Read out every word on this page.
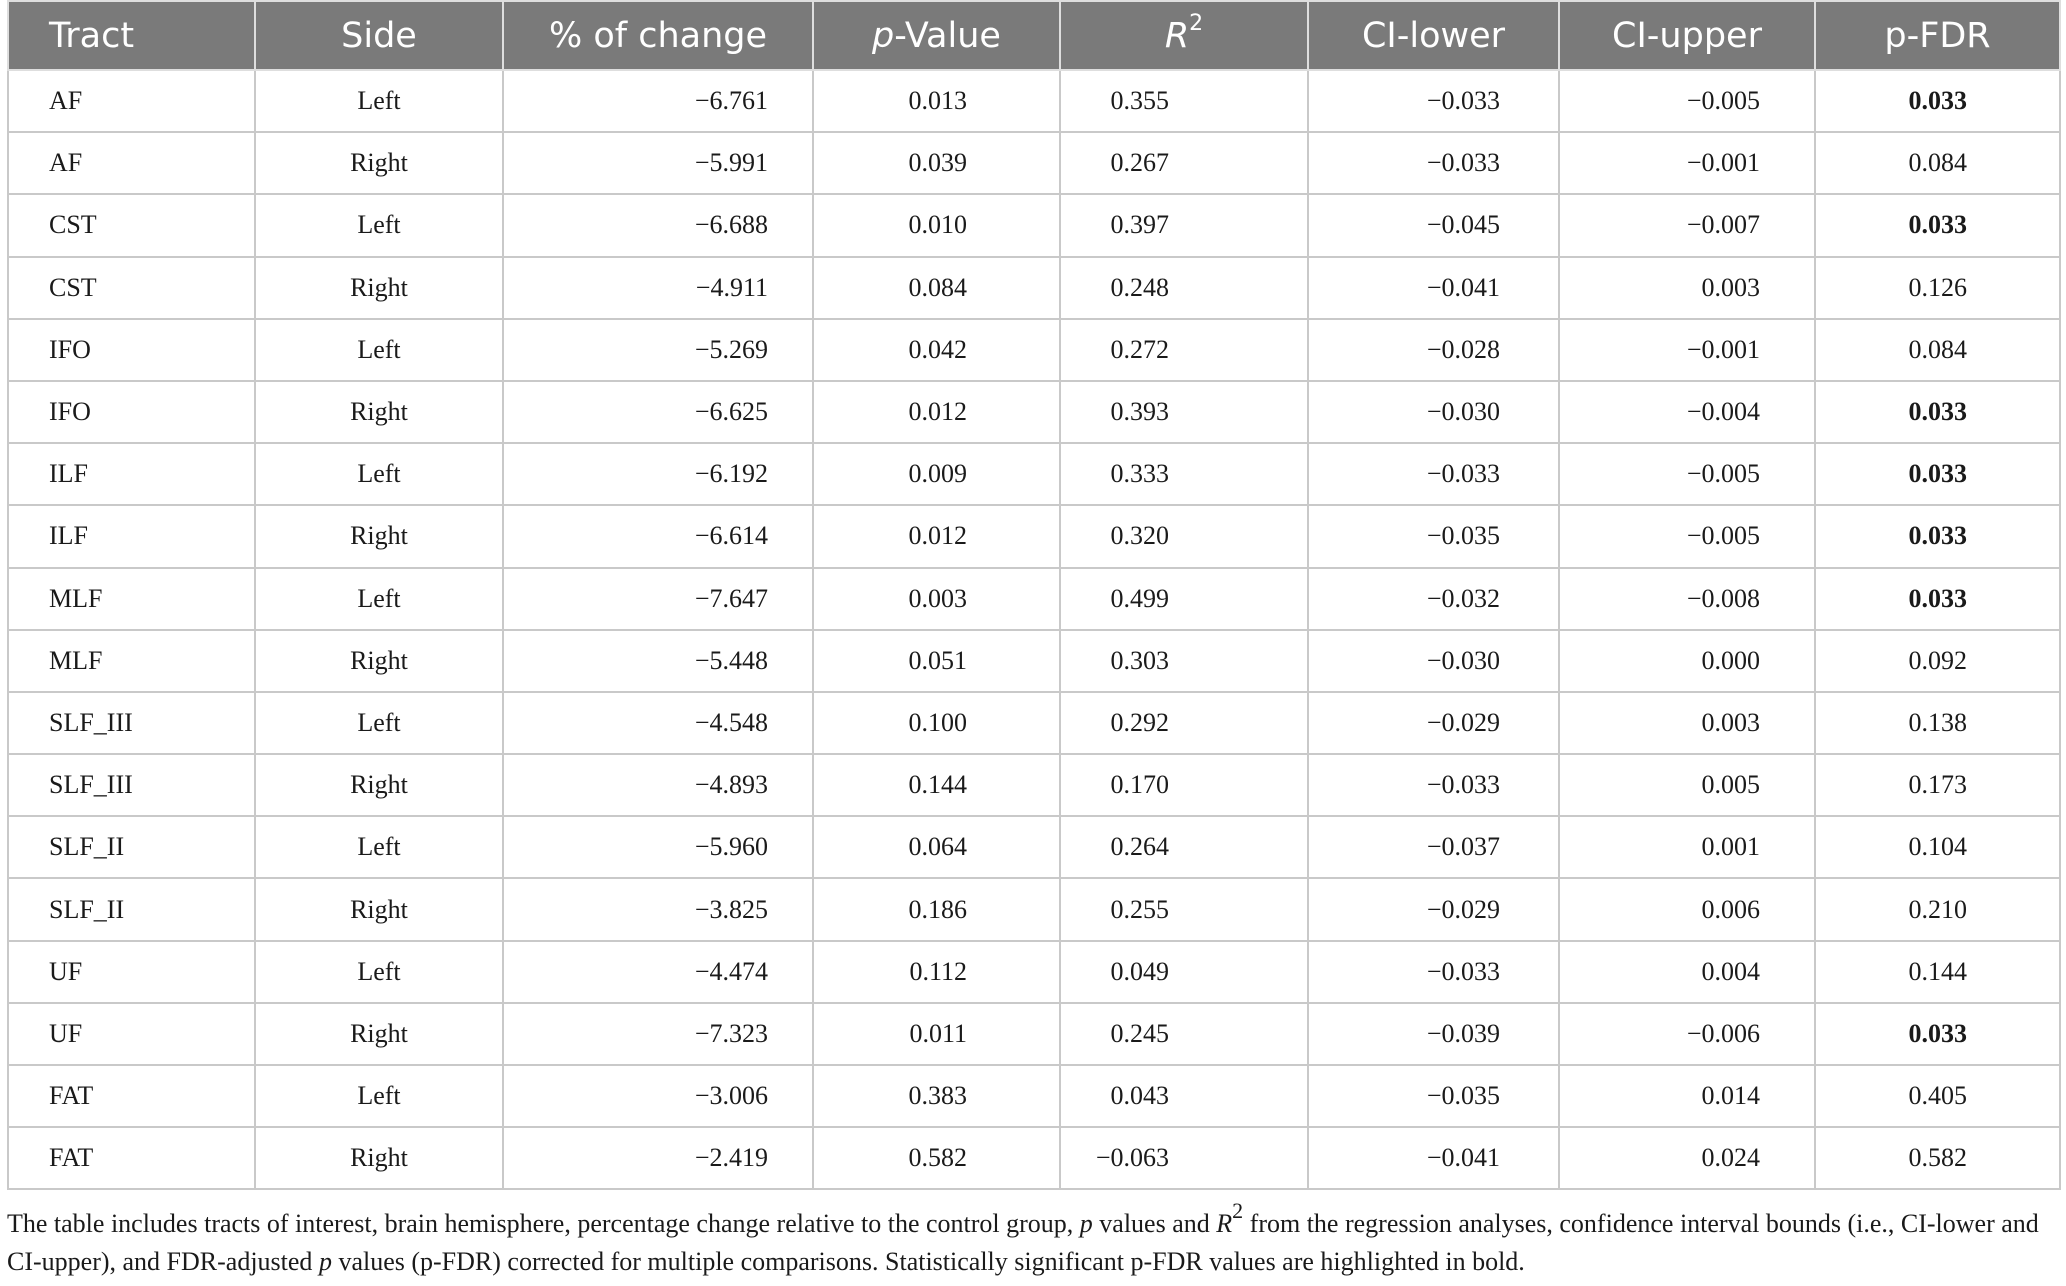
Tract	Side	% of change	p-Value	$R^2$	CI-lower	CI-upper	p-FDR
AF	Left	−6.761	0.013	0.355	−0.033	−0.005	0.033
AF	Right	−5.991	0.039	0.267	−0.033	−0.001	0.084
CST	Left	−6.688	0.010	0.397	−0.045	−0.007	0.033
CST	Right	−4.911	0.084	0.248	−0.041	0.003	0.126
IFO	Left	−5.269	0.042	0.272	−0.028	−0.001	0.084
IFO	Right	−6.625	0.012	0.393	−0.030	−0.004	0.033
ILF	Left	−6.192	0.009	0.333	−0.033	−0.005	0.033
ILF	Right	−6.614	0.012	0.320	−0.035	−0.005	0.033
MLF	Left	−7.647	0.003	0.499	−0.032	−0.008	0.033
MLF	Right	−5.448	0.051	0.303	−0.030	0.000	0.092
SLF_III	Left	−4.548	0.100	0.292	−0.029	0.003	0.138
SLF_III	Right	−4.893	0.144	0.170	−0.033	0.005	0.173
SLF_II	Left	−5.960	0.064	0.264	−0.037	0.001	0.104
SLF_II	Right	−3.825	0.186	0.255	−0.029	0.006	0.210
UF	Left	−4.474	0.112	0.049	−0.033	0.004	0.144
UF	Right	−7.323	0.011	0.245	−0.039	−0.006	0.033
FAT	Left	−3.006	0.383	0.043	−0.035	0.014	0.405
FAT	Right	−2.419	0.582	−0.063	−0.041	0.024	0.582
The table includes tracts of interest, brain hemisphere, percentage change relative to the control group, p values and $R^2$ from the regression analyses, confidence interval bounds (i.e., CI-lower and CI-upper), and FDR-adjusted p values (p-FDR) corrected for multiple comparisons. Statistically significant p-FDR values are highlighted in bold.
